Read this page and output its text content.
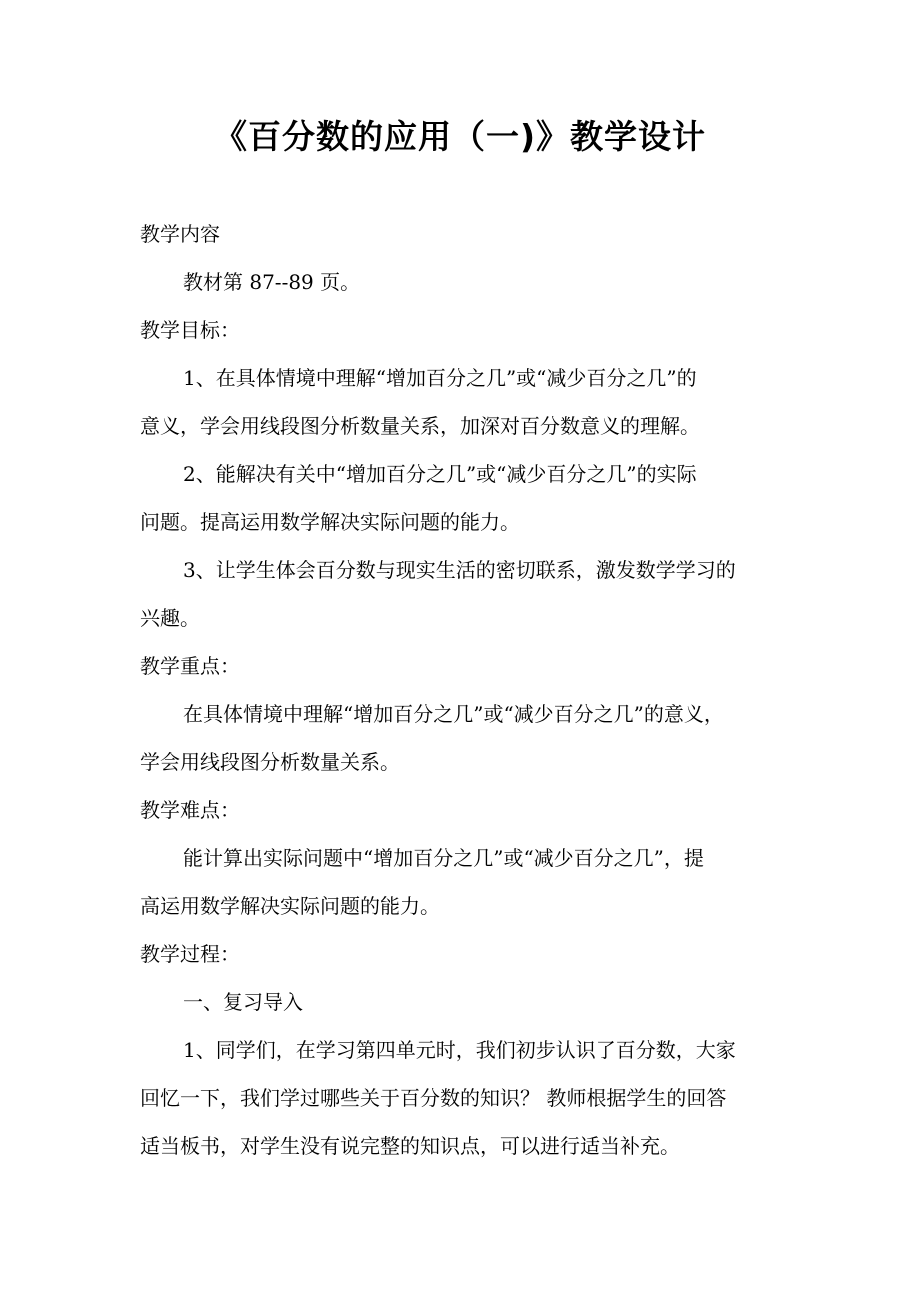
《百分数的应用（一)》教学设计

教学内容

教材第 87--89 页。

教学目标：

1、在具体情境中理解“增加百分之几”或“减少百分之几”的

意义，学会用线段图分析数量关系，加深对百分数意义的理解。

2、能解决有关中“增加百分之几”或“减少百分之几”的实际

问题。提高运用数学解决实际问题的能力。

3、让学生体会百分数与现实生活的密切联系，激发数学学习的

兴趣。

教学重点：

在具体情境中理解“增加百分之几”或“减少百分之几”的意义，

学会用线段图分析数量关系。

教学难点：

能计算出实际问题中“增加百分之几”或“减少百分之几”，提

高运用数学解决实际问题的能力。

教学过程：

一、复习导入

1、同学们，在学习第四单元时，我们初步认识了百分数，大家

回忆一下，我们学过哪些关于百分数的知识？ 教师根据学生的回答

适当板书，对学生没有说完整的知识点，可以进行适当补充。
